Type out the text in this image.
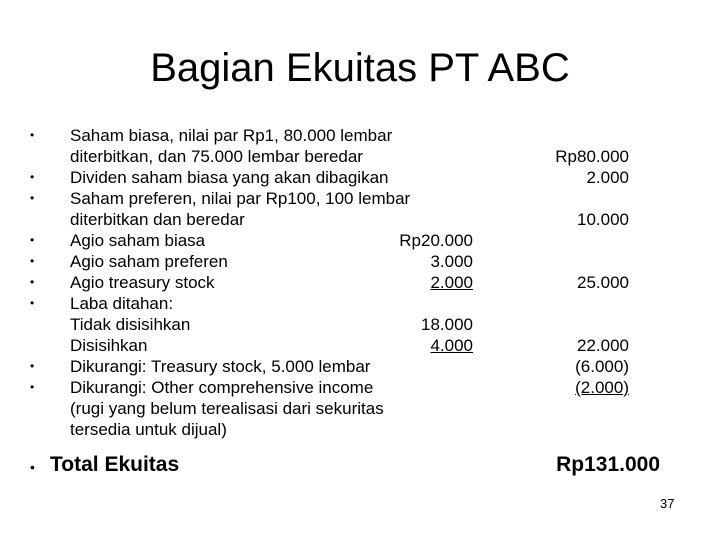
Bagian Ekuitas PT ABC
•
•
•
•
•
•
•
•
•
Saham biasa, nilai par Rp1, 80.000 lembar
diterbitkan, dan 75.000 lembar beredar
Dividen saham biasa yang akan dibagikan
Saham preferen, nilai par Rp100, 100 lembar
diterbitkan dan beredar
Agio saham biasa
Agio saham preferen
Agio treasury stock
Laba ditahan:
Tidak disisihkan
Disisihkan
Dikurangi: Treasury stock, 5.000 lembar
Dikurangi: Other comprehensive income
(rugi yang belum terealisasi dari sekuritas
tersedia untuk dijual)
Rp20.000
3.000
2.000
18.000
4.000
Rp80.000
2.000
10.000
25.000
22.000
(6.000)
(2.000)
• Total Ekuitas	Rp131.000
37
